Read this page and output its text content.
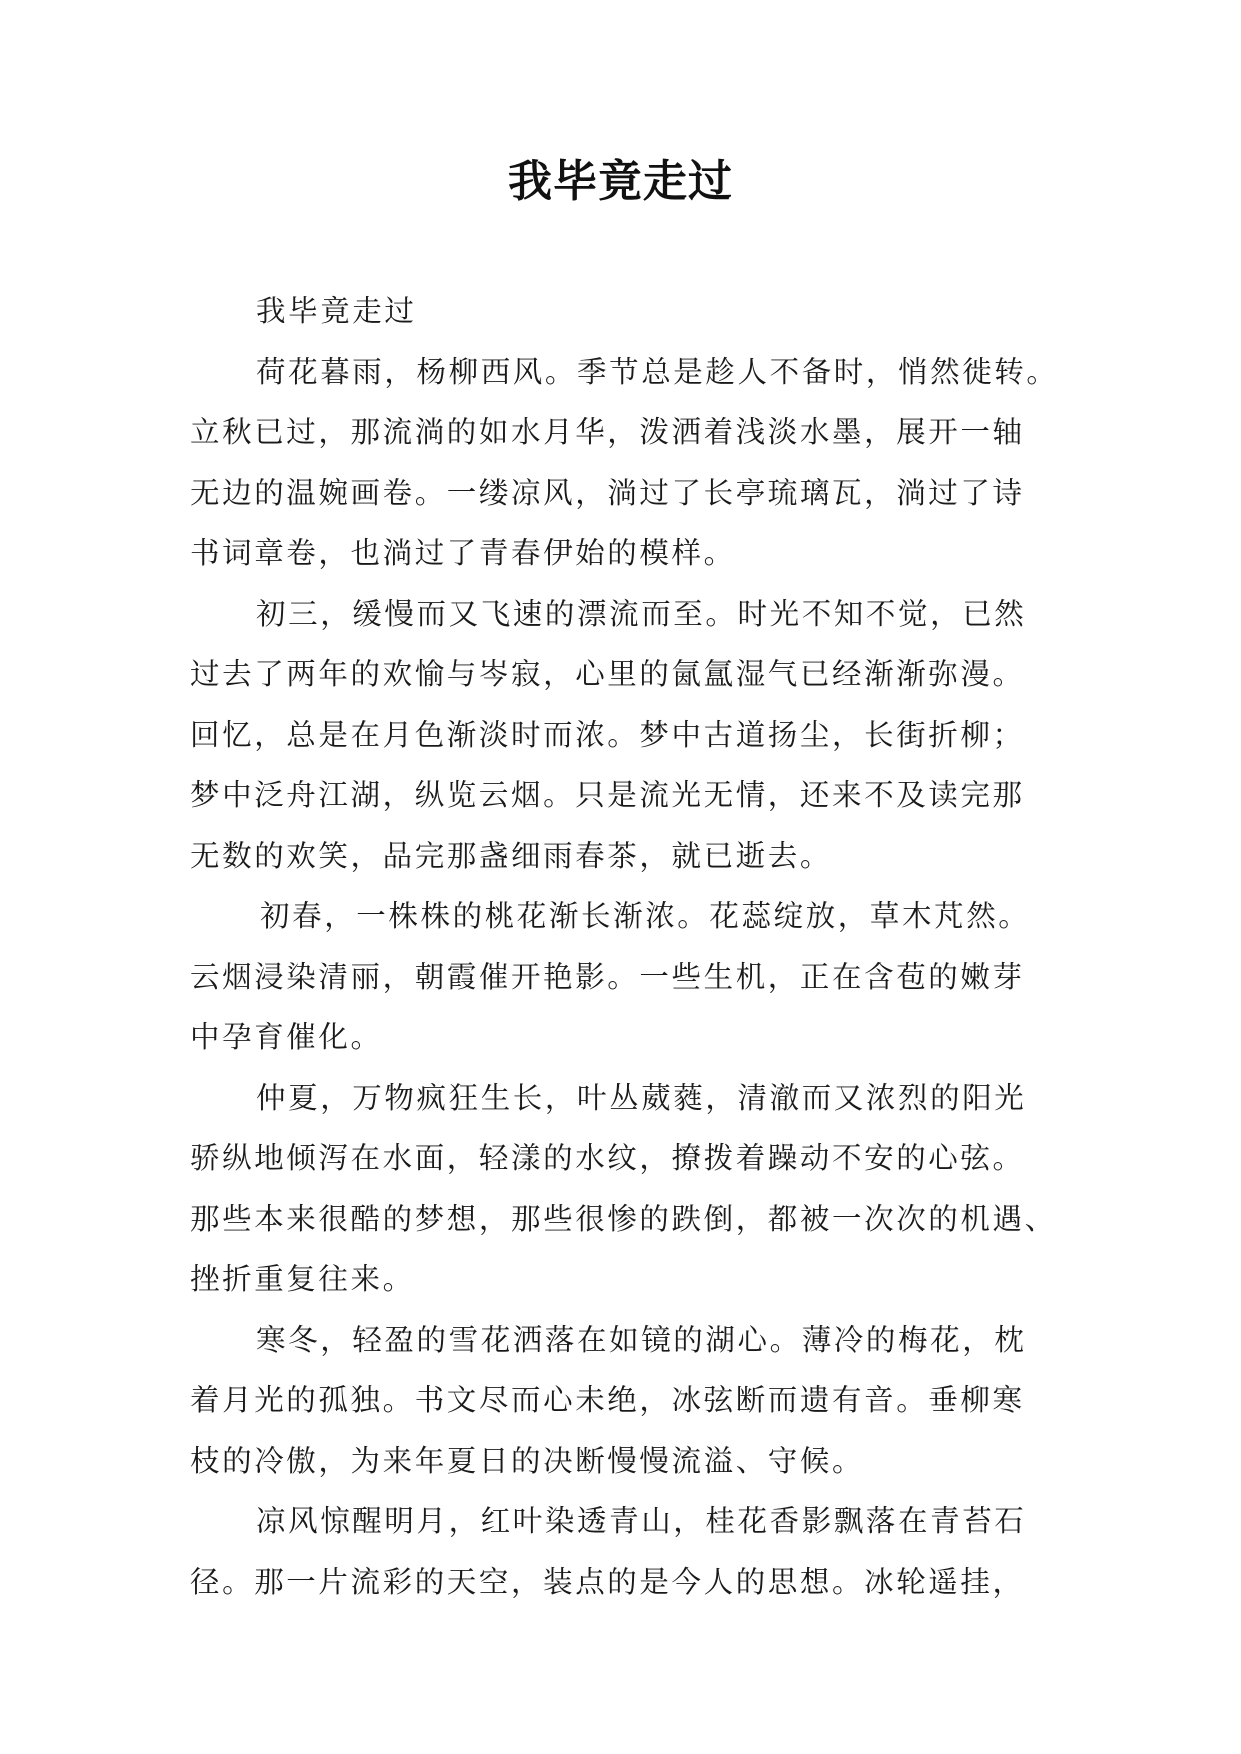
我毕竟走过
我毕竟走过
荷花暮雨，杨柳西风。季节总是趁人不备时，悄然徙转。
立秋已过，那流淌的如水月华，泼洒着浅淡水墨，展开一轴
无边的温婉画卷。一缕凉风，淌过了长亭琉璃瓦，淌过了诗
书词章卷，也淌过了青春伊始的模样。
初三，缓慢而又飞速的漂流而至。时光不知不觉，已然
过去了两年的欢愉与岑寂，心里的氤氲湿气已经渐渐弥漫。
回忆，总是在月色渐淡时而浓。梦中古道扬尘，长街折柳；
梦中泛舟江湖，纵览云烟。只是流光无情，还来不及读完那
无数的欢笑，品完那盏细雨春茶，就已逝去。
初春，一株株的桃花渐长渐浓。花蕊绽放，草木芃然。
云烟浸染清丽，朝霞催开艳影。一些生机，正在含苞的嫩芽
中孕育催化。
仲夏，万物疯狂生长，叶丛葳蕤，清澈而又浓烈的阳光
骄纵地倾泻在水面，轻漾的水纹，撩拨着躁动不安的心弦。
那些本来很酷的梦想，那些很惨的跌倒，都被一次次的机遇、
挫折重复往来。
寒冬，轻盈的雪花洒落在如镜的湖心。薄冷的梅花，枕
着月光的孤独。书文尽而心未绝，冰弦断而遗有音。垂柳寒
枝的冷傲，为来年夏日的决断慢慢流溢、守候。
凉风惊醒明月，红叶染透青山，桂花香影飘落在青苔石
径。那一片流彩的天空，装点的是今人的思想。冰轮遥挂，
